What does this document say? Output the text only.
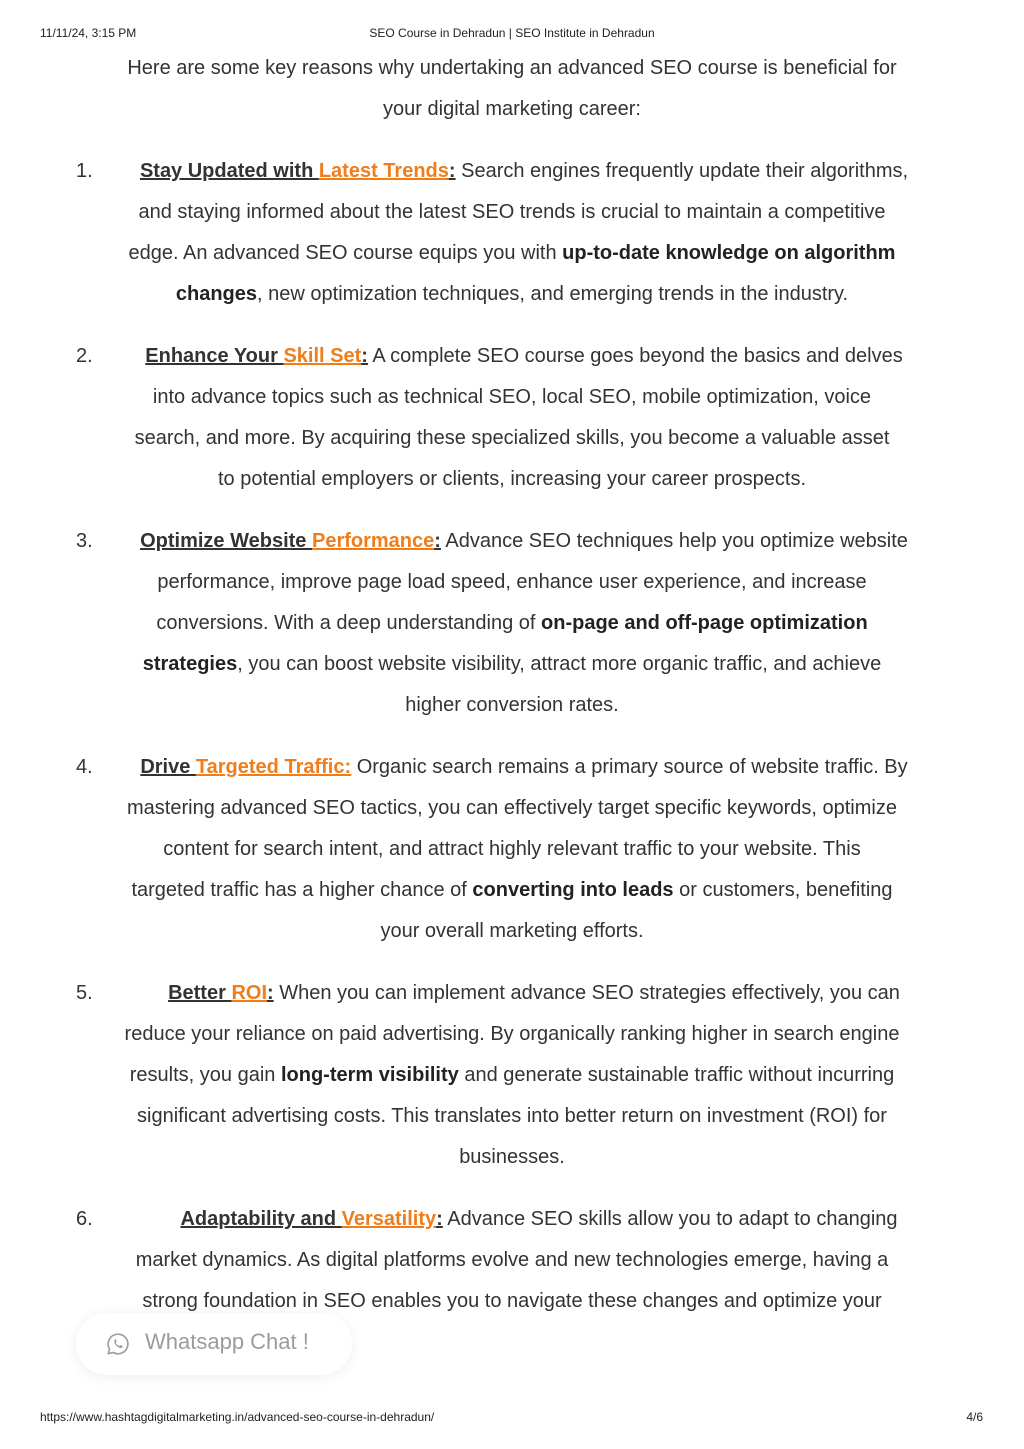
11/11/24, 3:15 PM	SEO Course in Dehradun | SEO Institute in Dehradun

Here are some key reasons why undertaking an advanced SEO course is beneficial for
your digital marketing career:

1.	Stay Updated with Latest Trends: Search engines frequently update their algorithms,
and staying informed about the latest SEO trends is crucial to maintain a competitive
edge. An advanced SEO course equips you with up-to-date knowledge on algorithm
changes, new optimization techniques, and emerging trends in the industry.
2.	Enhance Your Skill Set: A complete SEO course goes beyond the basics and delves
into advance topics such as technical SEO, local SEO, mobile optimization, voice
search, and more. By acquiring these specialized skills, you become a valuable asset
to potential employers or clients, increasing your career prospects.
3.	Optimize Website Performance: Advance SEO techniques help you optimize website
performance, improve page load speed, enhance user experience, and increase
conversions. With a deep understanding of on-page and off-page optimization
strategies, you can boost website visibility, attract more organic traffic, and achieve
higher conversion rates.
4.	Drive Targeted Traffic: Organic search remains a primary source of website traffic. By
mastering advanced SEO tactics, you can effectively target specific keywords, optimize
content for search intent, and attract highly relevant traffic to your website. This
targeted traffic has a higher chance of converting into leads or customers, benefiting
your overall marketing efforts.
5.	Better ROI: When you can implement advance SEO strategies effectively, you can
reduce your reliance on paid advertising. By organically ranking higher in search engine
results, you gain long-term visibility and generate sustainable traffic without incurring
significant advertising costs. This translates into better return on investment (ROI) for
businesses.
6.	Adaptability and Versatility: Advance SEO skills allow you to adapt to changing
market dynamics. As digital platforms evolve and new technologies emerge, having a
strong foundation in SEO enables you to navigate these changes and optimize your
Whatsapp Chat !
https://www.hashtagdigitalmarketing.in/advanced-seo-course-in-dehradun/	4/6
